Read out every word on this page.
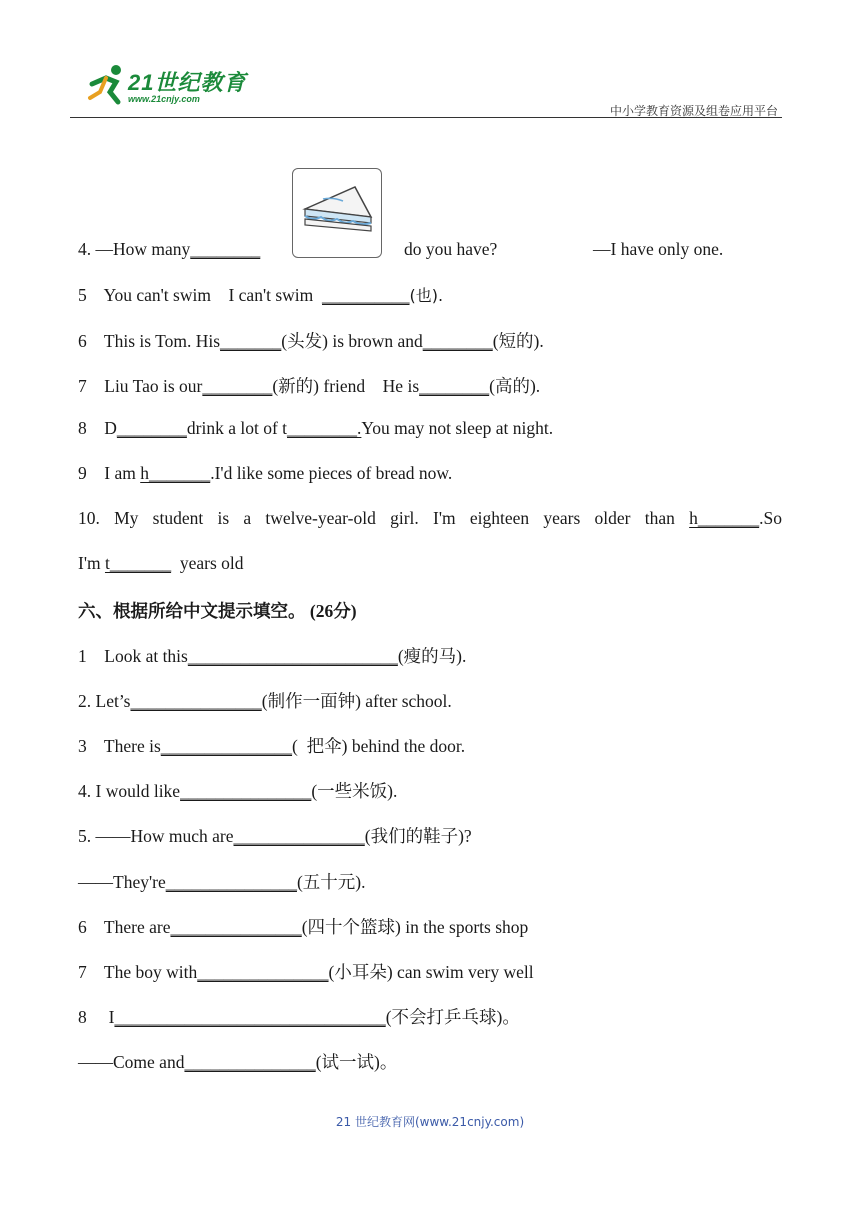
21世纪教育
www.21cnjy.com
中小学教育资源及组卷应用平台
4. —How many________	do you have?	—I have only one.
5    You can't swim    I can't swim  __________(也).
6    This is Tom. His_______(头发) is brown and________(短的).
7    Liu Tao is our________(新的) friend    He is________(高的).
8    D________drink a lot of t________.You may not sleep at night.
9    I am h_______.I'd like some pieces of bread now.
10. My student is a twelve-year-old girl. I'm eighteen years older than h_______.So
I'm t_______  years old
六、根据所给中文提示填空。 (26分)
1    Look at this________________________(瘦的马).
2. Let’s_______________(制作一面钟) after school.
3    There is_______________(  把伞) behind the door.
4. I would like_______________(一些米饭).
5. ——How much are_______________(我们的鞋子)?
——They're_______________(五十元).
6    There are_______________(四十个篮球) in the sports shop
7    The boy with_______________(小耳朵) can swim very well
8     I_______________________________(不会打乒乓球)。
——Come and_______________(试一试)。
21 世纪教育网(www.21cnjy.com)
